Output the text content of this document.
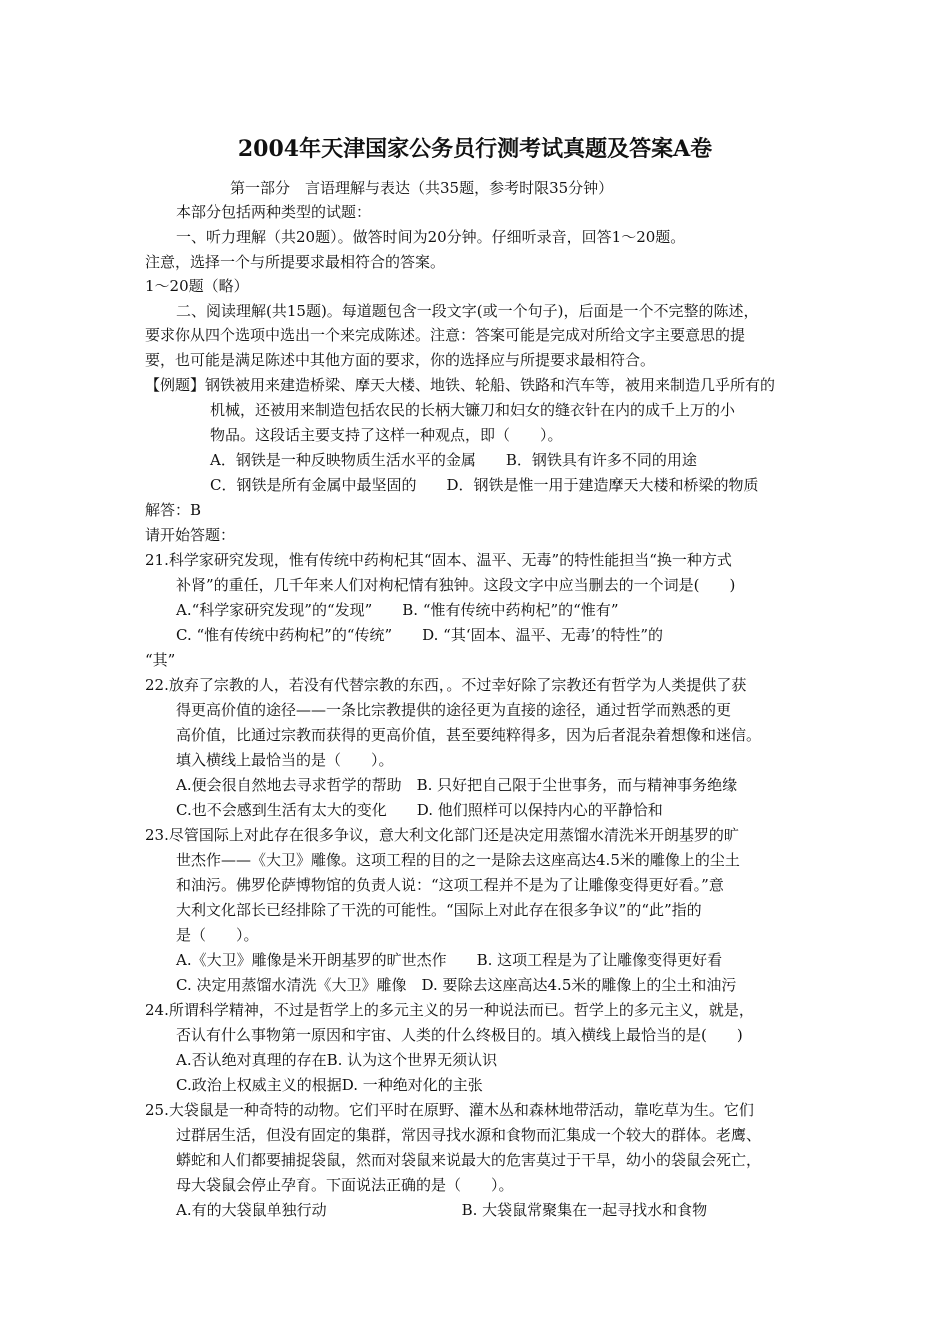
2004年天津国家公务员行测考试真题及答案A卷
第一部分　言语理解与表达（共35题，参考时限35分钟）
本部分包括两种类型的试题：
一、听力理解（共20题）。做答时间为20分钟。仔细听录音，回答1～20题。
注意，选择一个与所提要求最相符合的答案。
1～20题（略）
二、阅读理解(共15题)。每道题包含一段文字(或一个句子)，后面是一个不完整的陈述，
要求你从四个选项中选出一个来完成陈述。注意：答案可能是完成对所给文字主要意思的提
要，也可能是满足陈述中其他方面的要求，你的选择应与所提要求最相符合。
【例题】钢铁被用来建造桥梁、摩天大楼、地铁、轮船、铁路和汽车等，被用来制造几乎所有的
机械，还被用来制造包括农民的长柄大镰刀和妇女的缝衣针在内的成千上万的小
物品。这段话主要支持了这样一种观点，即（　　）。
A．钢铁是一种反映物质生活水平的金属　　B．钢铁具有许多不同的用途
C．钢铁是所有金属中最坚固的　　D．钢铁是惟一用于建造摩天大楼和桥梁的物质
解答：B
请开始答题：
21.科学家研究发现，惟有传统中药枸杞其“固本、温平、无毒”的特性能担当“换一种方式
补肾”的重任，几千年来人们对枸杞情有独钟。这段文字中应当删去的一个词是(　　)
A.“科学家研究发现”的“发现”　　B. “惟有传统中药枸杞”的“惟有”
C. “惟有传统中药枸杞”的“传统”　　D. “其‘固本、温平、无毒’的特性”的
“其”
22.放弃了宗教的人，若没有代替宗教的东西，。不过幸好除了宗教还有哲学为人类提供了获
得更高价值的途径——一条比宗教提供的途径更为直接的途径，通过哲学而熟悉的更
高价值，比通过宗教而获得的更高价值，甚至要纯粹得多，因为后者混杂着想像和迷信。
填入横线上最恰当的是（　　）。
A.便会很自然地去寻求哲学的帮助　B. 只好把自己限于尘世事务，而与精神事务绝缘
C.也不会感到生活有太大的变化　　D. 他们照样可以保持内心的平静恰和
23.尽管国际上对此存在很多争议，意大利文化部门还是决定用蒸馏水清洗米开朗基罗的旷
世杰作——《大卫》雕像。这项工程的目的之一是除去这座高达4.5米的雕像上的尘土
和油污。佛罗伦萨博物馆的负责人说：“这项工程并不是为了让雕像变得更好看。”意
大利文化部长已经排除了干洗的可能性。“国际上对此存在很多争议”的“此”指的
是（　　）。
A.《大卫》雕像是米开朗基罗的旷世杰作　　B. 这项工程是为了让雕像变得更好看
C. 决定用蒸馏水清洗《大卫》雕像　D. 要除去这座高达4.5米的雕像上的尘土和油污
24.所谓科学精神，不过是哲学上的多元主义的另一种说法而已。哲学上的多元主义，就是，
否认有什么事物第一原因和宇宙、人类的什么终极目的。填入横线上最恰当的是(　　)
A.否认绝对真理的存在B. 认为这个世界无须认识
C.政治上权威主义的根据D. 一种绝对化的主张
25.大袋鼠是一种奇特的动物。它们平时在原野、灌木丛和森林地带活动，靠吃草为生。它们
过群居生活，但没有固定的集群，常因寻找水源和食物而汇集成一个较大的群体。老鹰、
蟒蛇和人们都要捕捉袋鼠，然而对袋鼠来说最大的危害莫过于干旱，幼小的袋鼠会死亡，
母大袋鼠会停止孕育。下面说法正确的是（　　）。
A.有的大袋鼠单独行动　　　　　　　　　B. 大袋鼠常聚集在一起寻找水和食物
